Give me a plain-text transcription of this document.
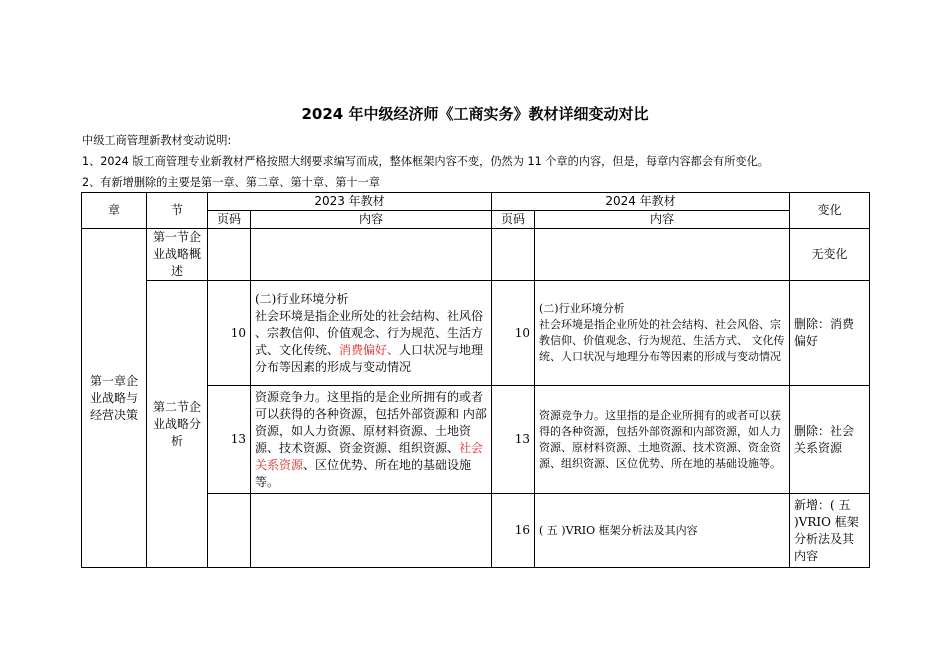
2024 年中级经济师《工商实务》教材详细变动对比
中级工商管理新教材变动说明:
1、2024 版工商管理专业新教材严格按照大纲要求编写而成，整体框架内容不变，仍然为 11 个章的内容，但是，每章内容都会有所变化。
2、有新增删除的主要是第一章、第二章、第十章、第十一章
章	节	2023 年教材		2024 年教材		变化
		页码	内容	页码	内容	
第一章企业战略与经营决策	第一节企业战略概述					无变化
	第二节企业战略分析	10	(二)行业环境分析
社会环境是指企业所处的社会结构、社风俗 、宗教信仰、价值观念、行为规范、生活方式、文化传统、消费偏好、人口状况与地理分布等因素的形成与变动情况	10	(二)行业环境分析
社会环境是指企业所处的社会结构、社会风俗、宗教信仰、价值观念、行为规范、生活方式、 文化传统、人口状况与地理分布等因素的形成与变动情况	删除：消费偏好
		13	资源竞争力。这里指的是企业所拥有的或者可以获得的各种资源，包括外部资源和 内部资源，如人力资源、原材料资源、土地资源、技术资源、资金资源、组织资源、社会关系资源、区位优势、所在地的基础设施等。	13	资源竞争力。这里指的是企业所拥有的或者可以获得的各种资源，包括外部资源和内部资源，如人力资源、原材料资源、土地资源、技术资源、资金资源、组织资源、区位优势、所在地的基础设施等。	删除：社会关系资源
				16	( 五 )VRIO 框架分析法及其内容	新增：( 五 )VRIO 框架分析法及其内容
